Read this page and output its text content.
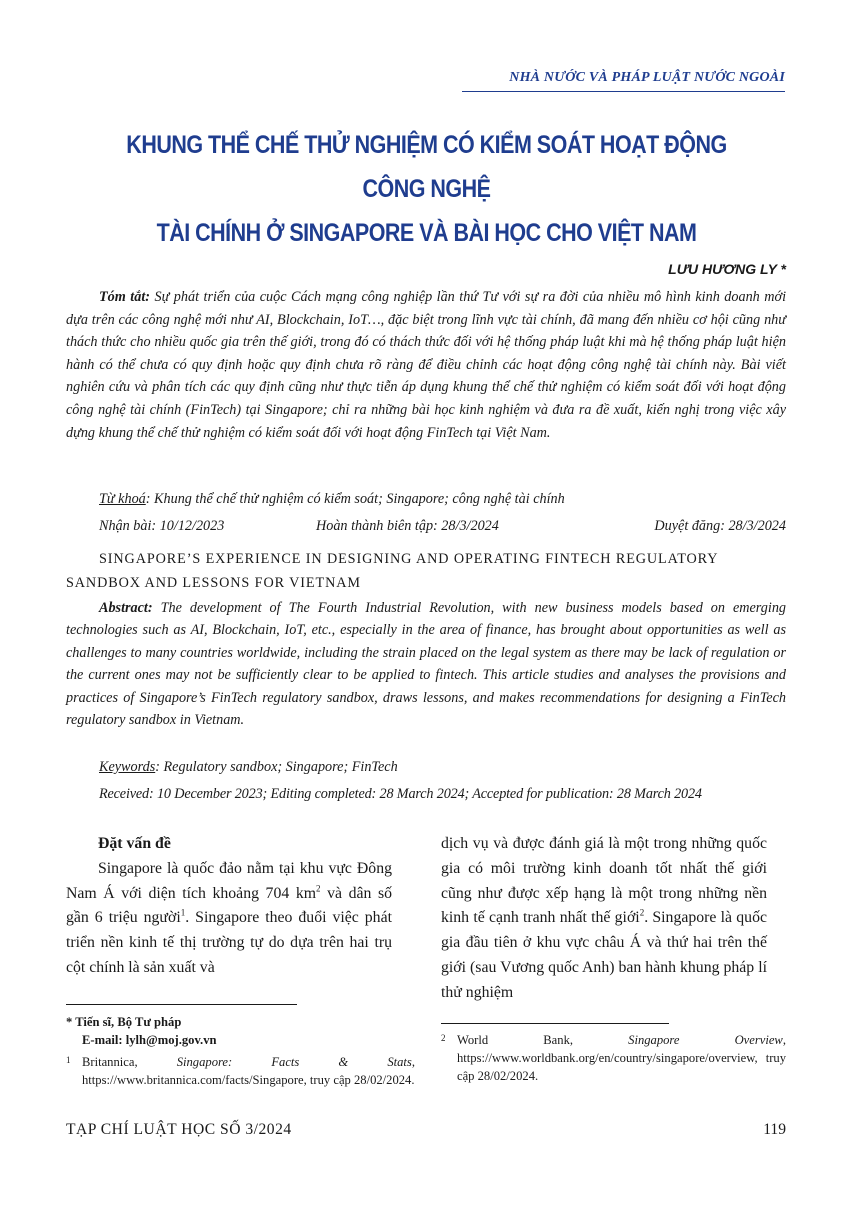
NHÀ NƯỚC VÀ PHÁP LUẬT NƯỚC NGOÀI
KHUNG THỂ CHẾ THỬ NGHIỆM CÓ KIỂM SOÁT HOẠT ĐỘNG CÔNG NGHỆ
TÀI CHÍNH Ở SINGAPORE VÀ BÀI HỌC CHO VIỆT NAM
LƯU HƯƠNG LY *
Tóm tắt: Sự phát triển của cuộc Cách mạng công nghiệp lần thứ Tư với sự ra đời của nhiều mô hình kinh doanh mới dựa trên các công nghệ mới như AI, Blockchain, IoT…, đặc biệt trong lĩnh vực tài chính, đã mang đến nhiều cơ hội cũng như thách thức cho nhiều quốc gia trên thế giới, trong đó có thách thức đối với hệ thống pháp luật khi mà hệ thống pháp luật hiện hành có thể chưa có quy định hoặc quy định chưa rõ ràng để điều chỉnh các hoạt động công nghệ tài chính này. Bài viết nghiên cứu và phân tích các quy định cũng như thực tiễn áp dụng khung thể chế thử nghiệm có kiểm soát đối với hoạt động công nghệ tài chính (FinTech) tại Singapore; chỉ ra những bài học kinh nghiệm và đưa ra đề xuất, kiến nghị trong việc xây dựng khung thể chế thử nghiệm có kiểm soát đối với hoạt động FinTech tại Việt Nam.
Từ khoá: Khung thể chế thử nghiệm có kiểm soát; Singapore; công nghệ tài chính
Nhận bài: 10/12/2023	Hoàn thành biên tập: 28/3/2024	Duyệt đăng: 28/3/2024
SINGAPORE’S EXPERIENCE IN DESIGNING AND OPERATING FINTECH REGULATORY
SANDBOX AND LESSONS FOR VIETNAM
Abstract: The development of The Fourth Industrial Revolution, with new business models based on emerging technologies such as AI, Blockchain, IoT, etc., especially in the area of finance, has brought about opportunities as well as challenges to many countries worldwide, including the strain placed on the legal system as there may be lack of regulation or the current ones may not be sufficiently clear to be applied to fintech. This article studies and analyses the provisions and practices of Singapore’s FinTech regulatory sandbox, draws lessons, and makes recommendations for designing a FinTech regulatory sandbox in Vietnam.
Keywords: Regulatory sandbox; Singapore; FinTech
Received: 10 December 2023; Editing completed: 28 March 2024; Accepted for publication: 28 March 2024

Đặt vấn đề

Singapore là quốc đảo nằm tại khu vực Đông Nam Á với diện tích khoảng 704 $km^2$ và dân số gần 6 triệu người$^1$. Singapore theo đuổi việc phát triển nền kinh tế thị trường tự do dựa trên hai trụ cột chính là sản xuất và

dịch vụ và được đánh giá là một trong những quốc gia có môi trường kinh doanh tốt nhất thế giới cũng như được xếp hạng là một trong những nền kinh tế cạnh tranh nhất thế giới$^2$. Singapore là quốc gia đầu tiên ở khu vực châu Á và thứ hai trên thế giới (sau Vương quốc Anh) ban hành khung pháp lí thử nghiệm

* Tiến sĩ, Bộ Tư pháp
E-mail: lylh@moj.gov.vn
1 Britannica, Singapore: Facts & Stats, https://www.britannica.com/facts/Singapore, truy cập 28/02/2024.
2 World Bank, Singapore Overview, https://www.worldbank.org/en/country/singapore/overview, truy cập 28/02/2024.
TẠP CHÍ LUẬT HỌC SỐ 3/2024	119
